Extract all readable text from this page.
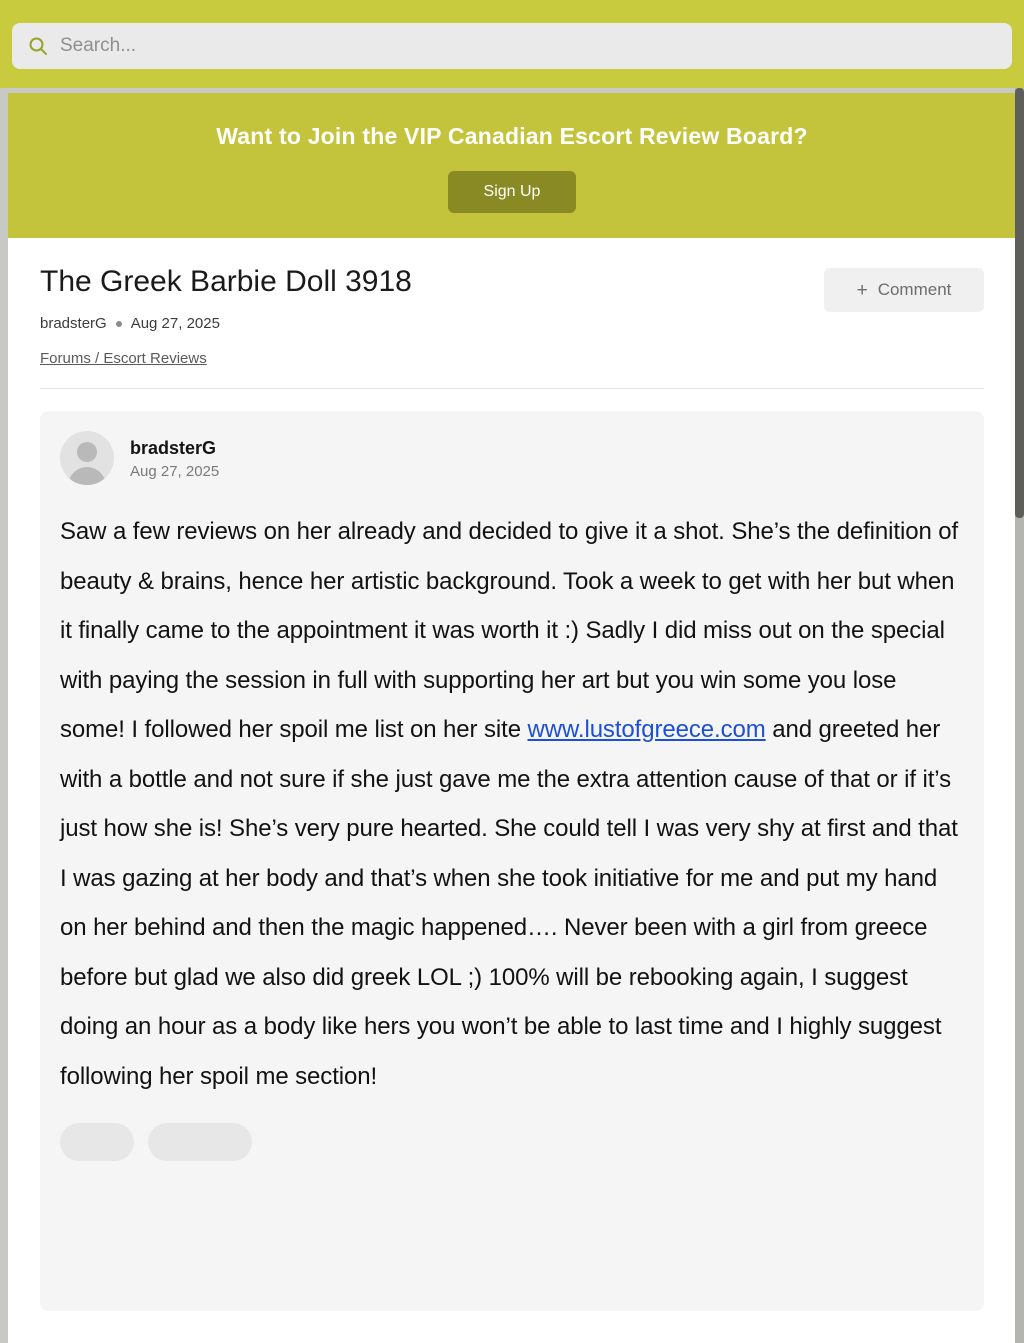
Search...
Want to Join the VIP Canadian Escort Review Board?
Sign Up
+ Comment
The Greek Barbie Doll 3918
bradsterG Aug 27, 2025
Forums / Escort Reviews
bradsterG
Aug 27, 2025
Saw a few reviews on her already and decided to give it a shot. She’s the definition of beauty & brains, hence her artistic background. Took a week to get with her but when it finally came to the appointment it was worth it :) Sadly I did miss out on the special with paying the session in full with supporting her art but you win some you lose some! I followed her spoil me list on her site www.lustofgreece.com and greeted her with a bottle and not sure if she just gave me the extra attention cause of that or if it’s just how she is! She’s very pure hearted. She could tell I was very shy at first and that I was gazing at her body and that’s when she took initiative for me and put my hand on her behind and then the magic happened…. Never been with a girl from greece before but glad we also did greek LOL ;) 100% will be rebooking again, I suggest doing an hour as a body like hers you won’t be able to last time and I highly suggest following her spoil me section!
